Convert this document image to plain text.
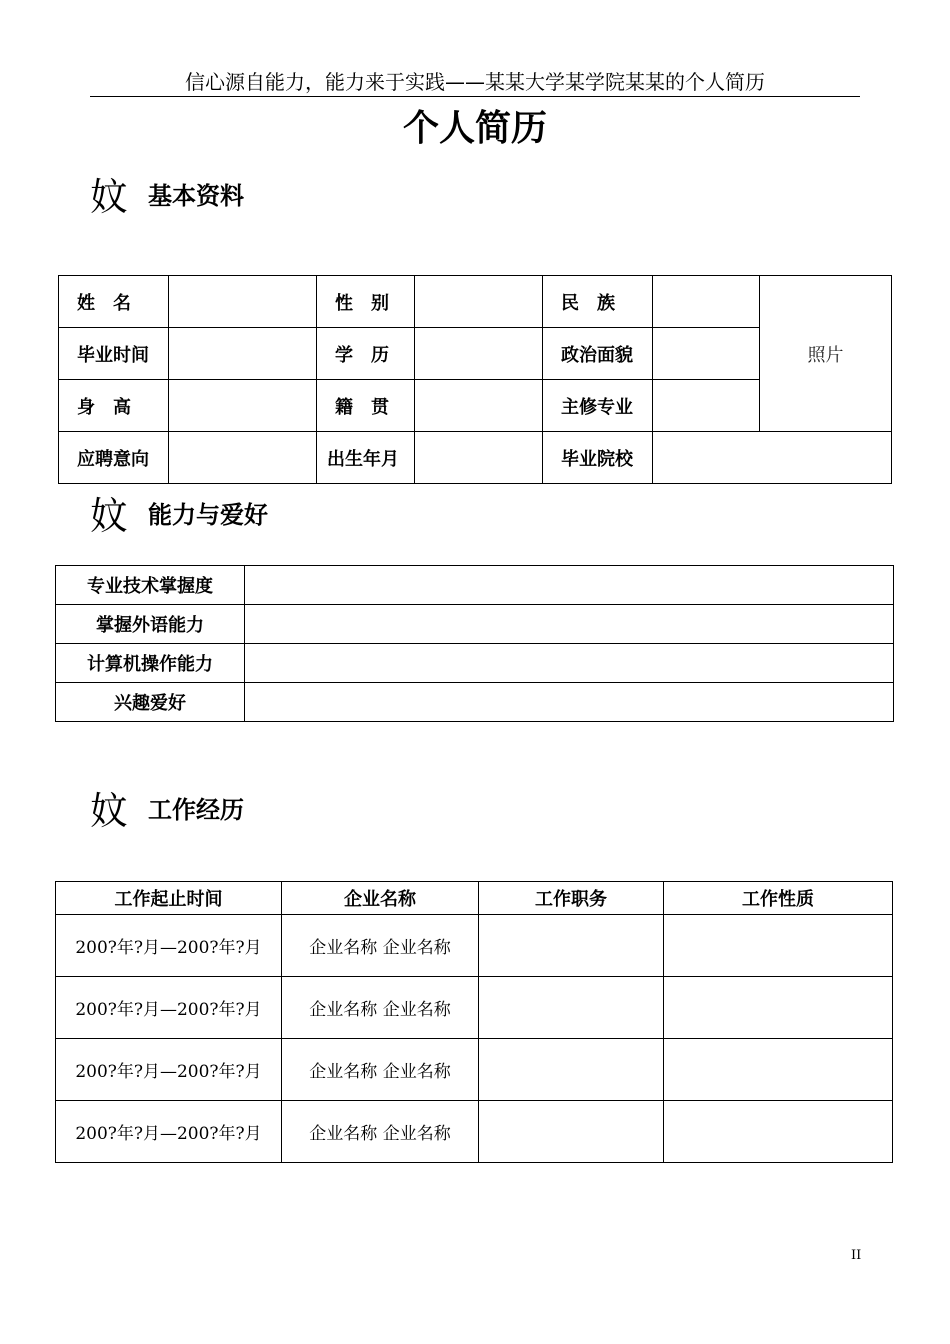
信心源自能力，能力来于实践——某某大学某学院某某的个人简历
个人简历
妏 基本资料
姓　名		性　别		民　族		照片
毕业时间		学　历		政治面貌		
身　高		籍　贯		主修专业		
应聘意向		出生年月		毕业院校		
妏 能力与爱好
专业技术掌握度	
掌握外语能力	
计算机操作能力	
兴趣爱好	
妏 工作经历
工作起止时间	企业名称	工作职务	工作性质
200?年?月—200?年?月	企业名称 企业名称		
200?年?月—200?年?月	企业名称 企业名称		
200?年?月—200?年?月	企业名称 企业名称		
200?年?月—200?年?月	企业名称 企业名称		
II
